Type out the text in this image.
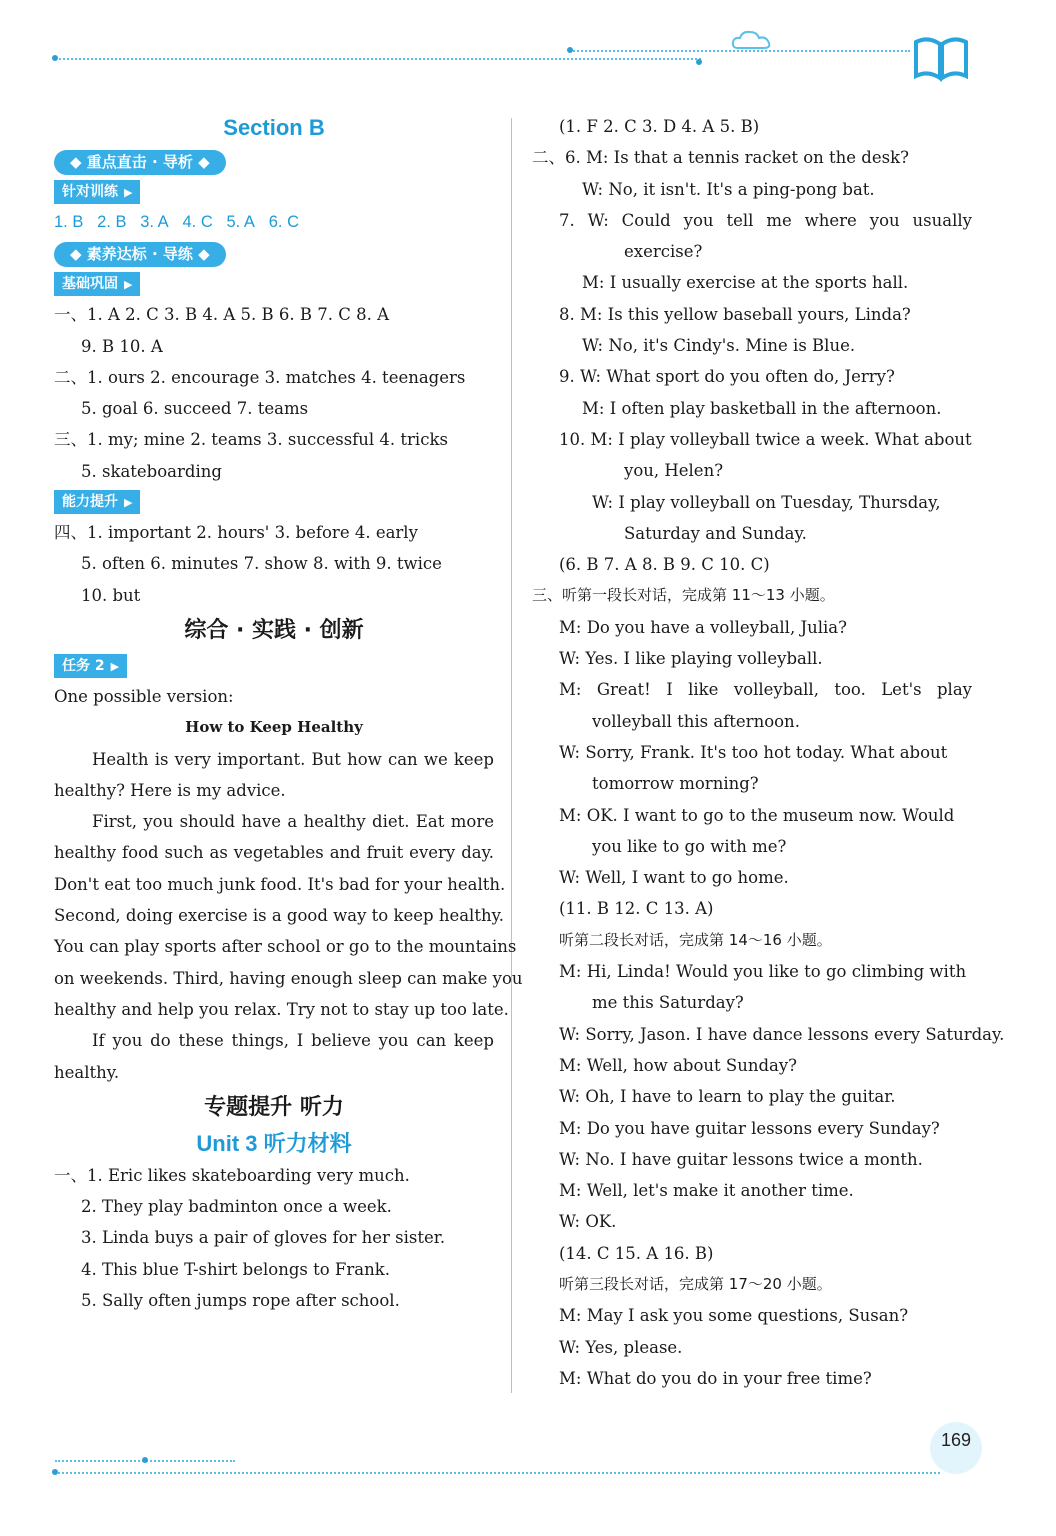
Section B
◆ 重点直击 · 导析 ◆
针对训练 ▶
1. B 2. B 3. A 4. C 5. A 6. C
◆ 素养达标 · 导练 ◆
基础巩固 ▶
一、1. A 2. C 3. B 4. A 5. B 6. B 7. C 8. A
9. B 10. A
二、1. ours 2. encourage 3. matches 4. teenagers
5. goal 6. succeed 7. teams
三、1. my; mine 2. teams 3. successful 4. tricks
5. skateboarding
能力提升 ▶
四、1. important 2. hours' 3. before 4. early
5. often 6. minutes 7. show 8. with 9. twice
10. but
综合 · 实践 · 创新
任务 2 ▶
One possible version:
How to Keep Healthy
Health is very important. But how can we keep
healthy? Here is my advice.
First, you should have a healthy diet. Eat more
healthy food such as vegetables and fruit every day.
Don't eat too much junk food. It's bad for your health.
Second, doing exercise is a good way to keep healthy.
You can play sports after school or go to the mountains
on weekends. Third, having enough sleep can make you
healthy and help you relax. Try not to stay up too late.
If you do these things, I believe you can keep
healthy.
专题提升 听力
Unit 3 听力材料
一、1. Eric likes skateboarding very much.
2. They play badminton once a week.
3. Linda buys a pair of gloves for her sister.
4. This blue T-shirt belongs to Frank.
5. Sally often jumps rope after school.
(1. F 2. C 3. D 4. A 5. B)
二、6. M: Is that a tennis racket on the desk?
W: No, it isn't. It's a ping-pong bat.
7. W: Could you tell me where you usually
exercise?
M: I usually exercise at the sports hall.
8. M: Is this yellow baseball yours, Linda?
W: No, it's Cindy's. Mine is Blue.
9. W: What sport do you often do, Jerry?
M: I often play basketball in the afternoon.
10. M: I play volleyball twice a week. What about
you, Helen?
W: I play volleyball on Tuesday, Thursday,
Saturday and Sunday.
(6. B 7. A 8. B 9. C 10. C)
三、听第一段长对话，完成第 11～13 小题。
M: Do you have a volleyball, Julia?
W: Yes. I like playing volleyball.
M: Great! I like volleyball, too. Let's play
volleyball this afternoon.
W: Sorry, Frank. It's too hot today. What about
tomorrow morning?
M: OK. I want to go to the museum now. Would
you like to go with me?
W: Well, I want to go home.
(11. B 12. C 13. A)
听第二段长对话，完成第 14～16 小题。
M: Hi, Linda! Would you like to go climbing with
me this Saturday?
W: Sorry, Jason. I have dance lessons every Saturday.
M: Well, how about Sunday?
W: Oh, I have to learn to play the guitar.
M: Do you have guitar lessons every Sunday?
W: No. I have guitar lessons twice a month.
M: Well, let's make it another time.
W: OK.
(14. C 15. A 16. B)
听第三段长对话，完成第 17～20 小题。
M: May I ask you some questions, Susan?
W: Yes, please.
M: What do you do in your free time?
169
